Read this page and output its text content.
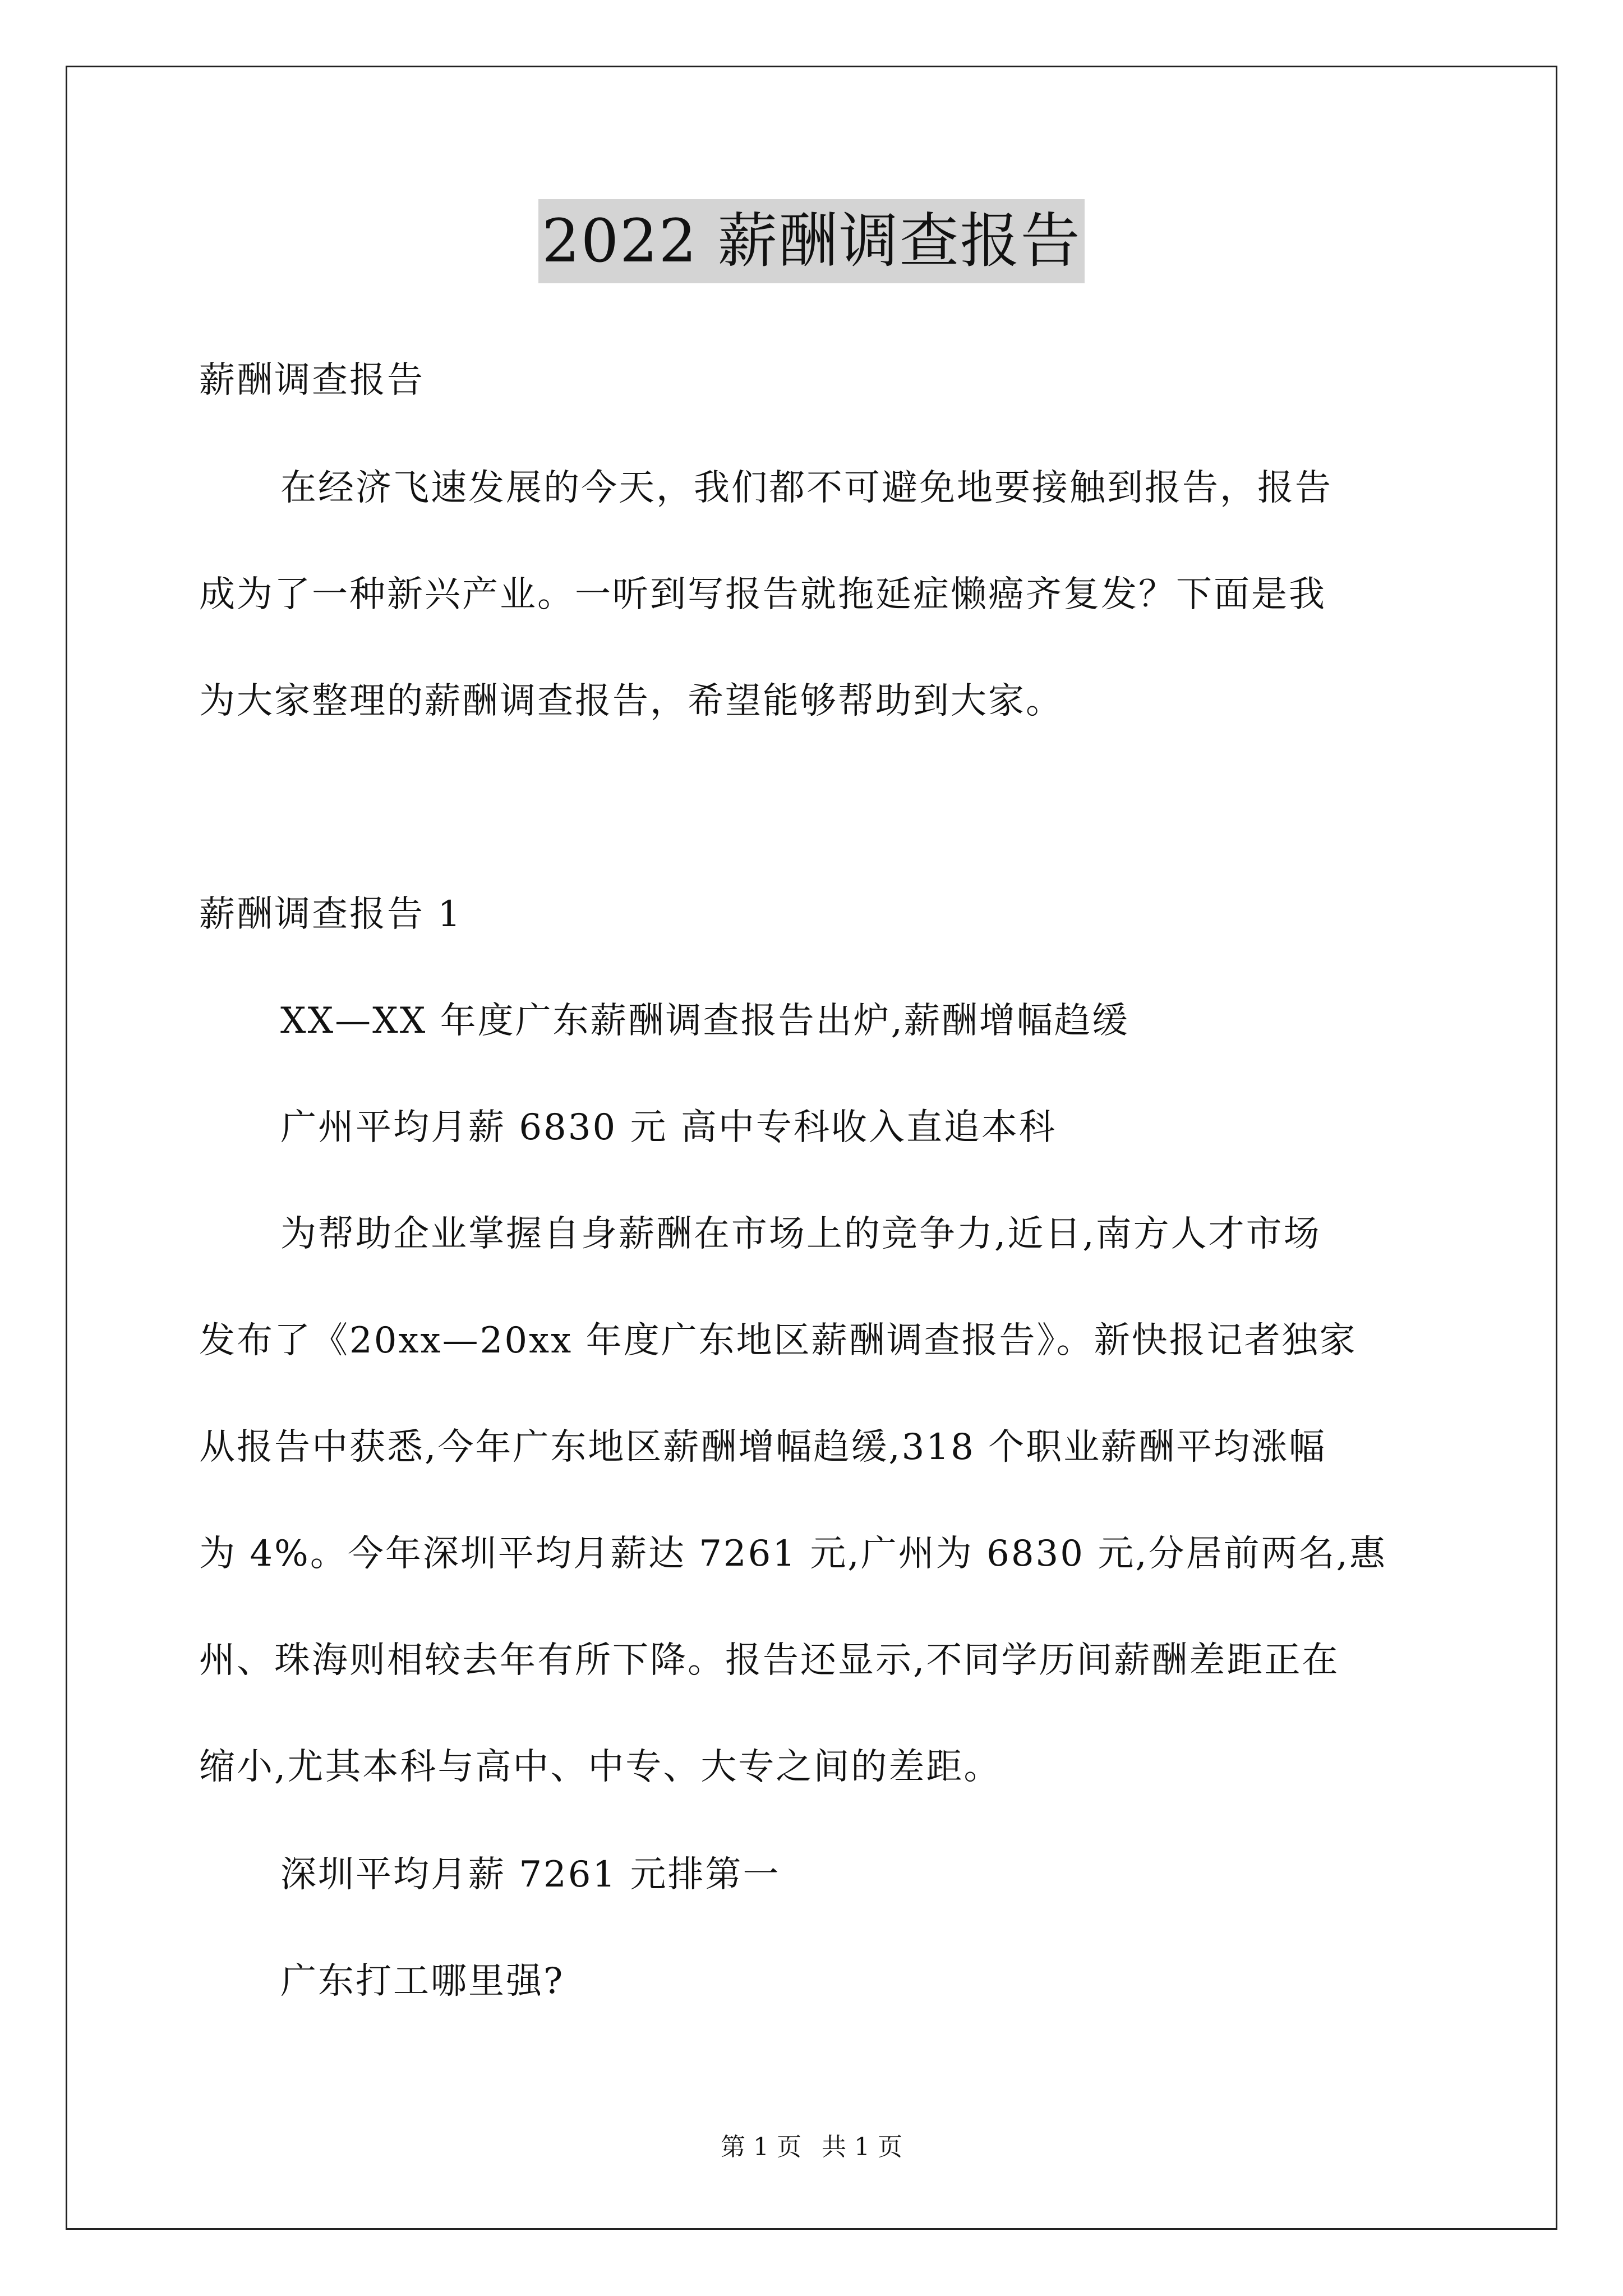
2022 薪酬调查报告
薪酬调查报告
在经济飞速发展的今天，我们都不可避免地要接触到报告，报告
成为了一种新兴产业。一听到写报告就拖延症懒癌齐复发？下面是我
为大家整理的薪酬调查报告，希望能够帮助到大家。
薪酬调查报告 1
XX—XX 年度广东薪酬调查报告出炉,薪酬增幅趋缓
广州平均月薪 6830 元 高中专科收入直追本科
为帮助企业掌握自身薪酬在市场上的竞争力,近日,南方人才市场
发布了《20xx—20xx 年度广东地区薪酬调查报告》。新快报记者独家
从报告中获悉,今年广东地区薪酬增幅趋缓,318 个职业薪酬平均涨幅
为 4%。今年深圳平均月薪达 7261 元,广州为 6830 元,分居前两名,惠
州、珠海则相较去年有所下降。报告还显示,不同学历间薪酬差距正在
缩小,尤其本科与高中、中专、大专之间的差距。
深圳平均月薪 7261 元排第一
广东打工哪里强?
第 1 页 共 1 页
